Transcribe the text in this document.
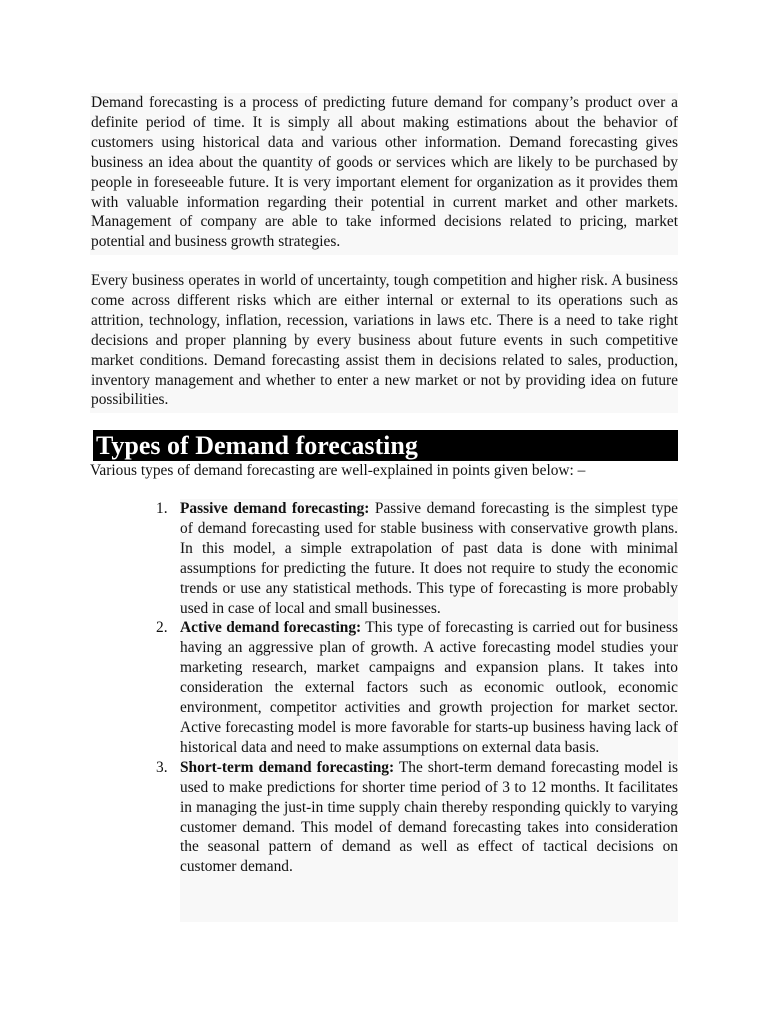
Demand forecasting is a process of predicting future demand for company’s product over a definite period of time. It is simply all about making estimations about the behavior of customers using historical data and various other information. Demand forecasting gives business an idea about the quantity of goods or services which are likely to be purchased by people in foreseeable future. It is very important element for organization as it provides them with valuable information regarding their potential in current market and other markets. Management of company are able to take informed decisions related to pricing, market potential and business growth strategies.
Every business operates in world of uncertainty, tough competition and higher risk. A business come across different risks which are either internal or external to its operations such as attrition, technology, inflation, recession, variations in laws etc. There is a need to take right decisions and proper planning by every business about future events in such competitive market conditions. Demand forecasting assist them in decisions related to sales, production, inventory management and whether to enter a new market or not by providing idea on future possibilities.
Types of Demand forecasting
Various types of demand forecasting are well-explained in points given below: –
1. Passive demand forecasting: Passive demand forecasting is the simplest type of demand forecasting used for stable business with conservative growth plans. In this model, a simple extrapolation of past data is done with minimal assumptions for predicting the future. It does not require to study the economic trends or use any statistical methods. This type of forecasting is more probably used in case of local and small businesses.
2. Active demand forecasting: This type of forecasting is carried out for business having an aggressive plan of growth. A active forecasting model studies your marketing research, market campaigns and expansion plans. It takes into consideration the external factors such as economic outlook, economic environment, competitor activities and growth projection for market sector. Active forecasting model is more favorable for starts-up business having lack of historical data and need to make assumptions on external data basis.
3. Short-term demand forecasting: The short-term demand forecasting model is used to make predictions for shorter time period of 3 to 12 months. It facilitates in managing the just-in time supply chain thereby responding quickly to varying customer demand. This model of demand forecasting takes into consideration the seasonal pattern of demand as well as effect of tactical decisions on customer demand.
